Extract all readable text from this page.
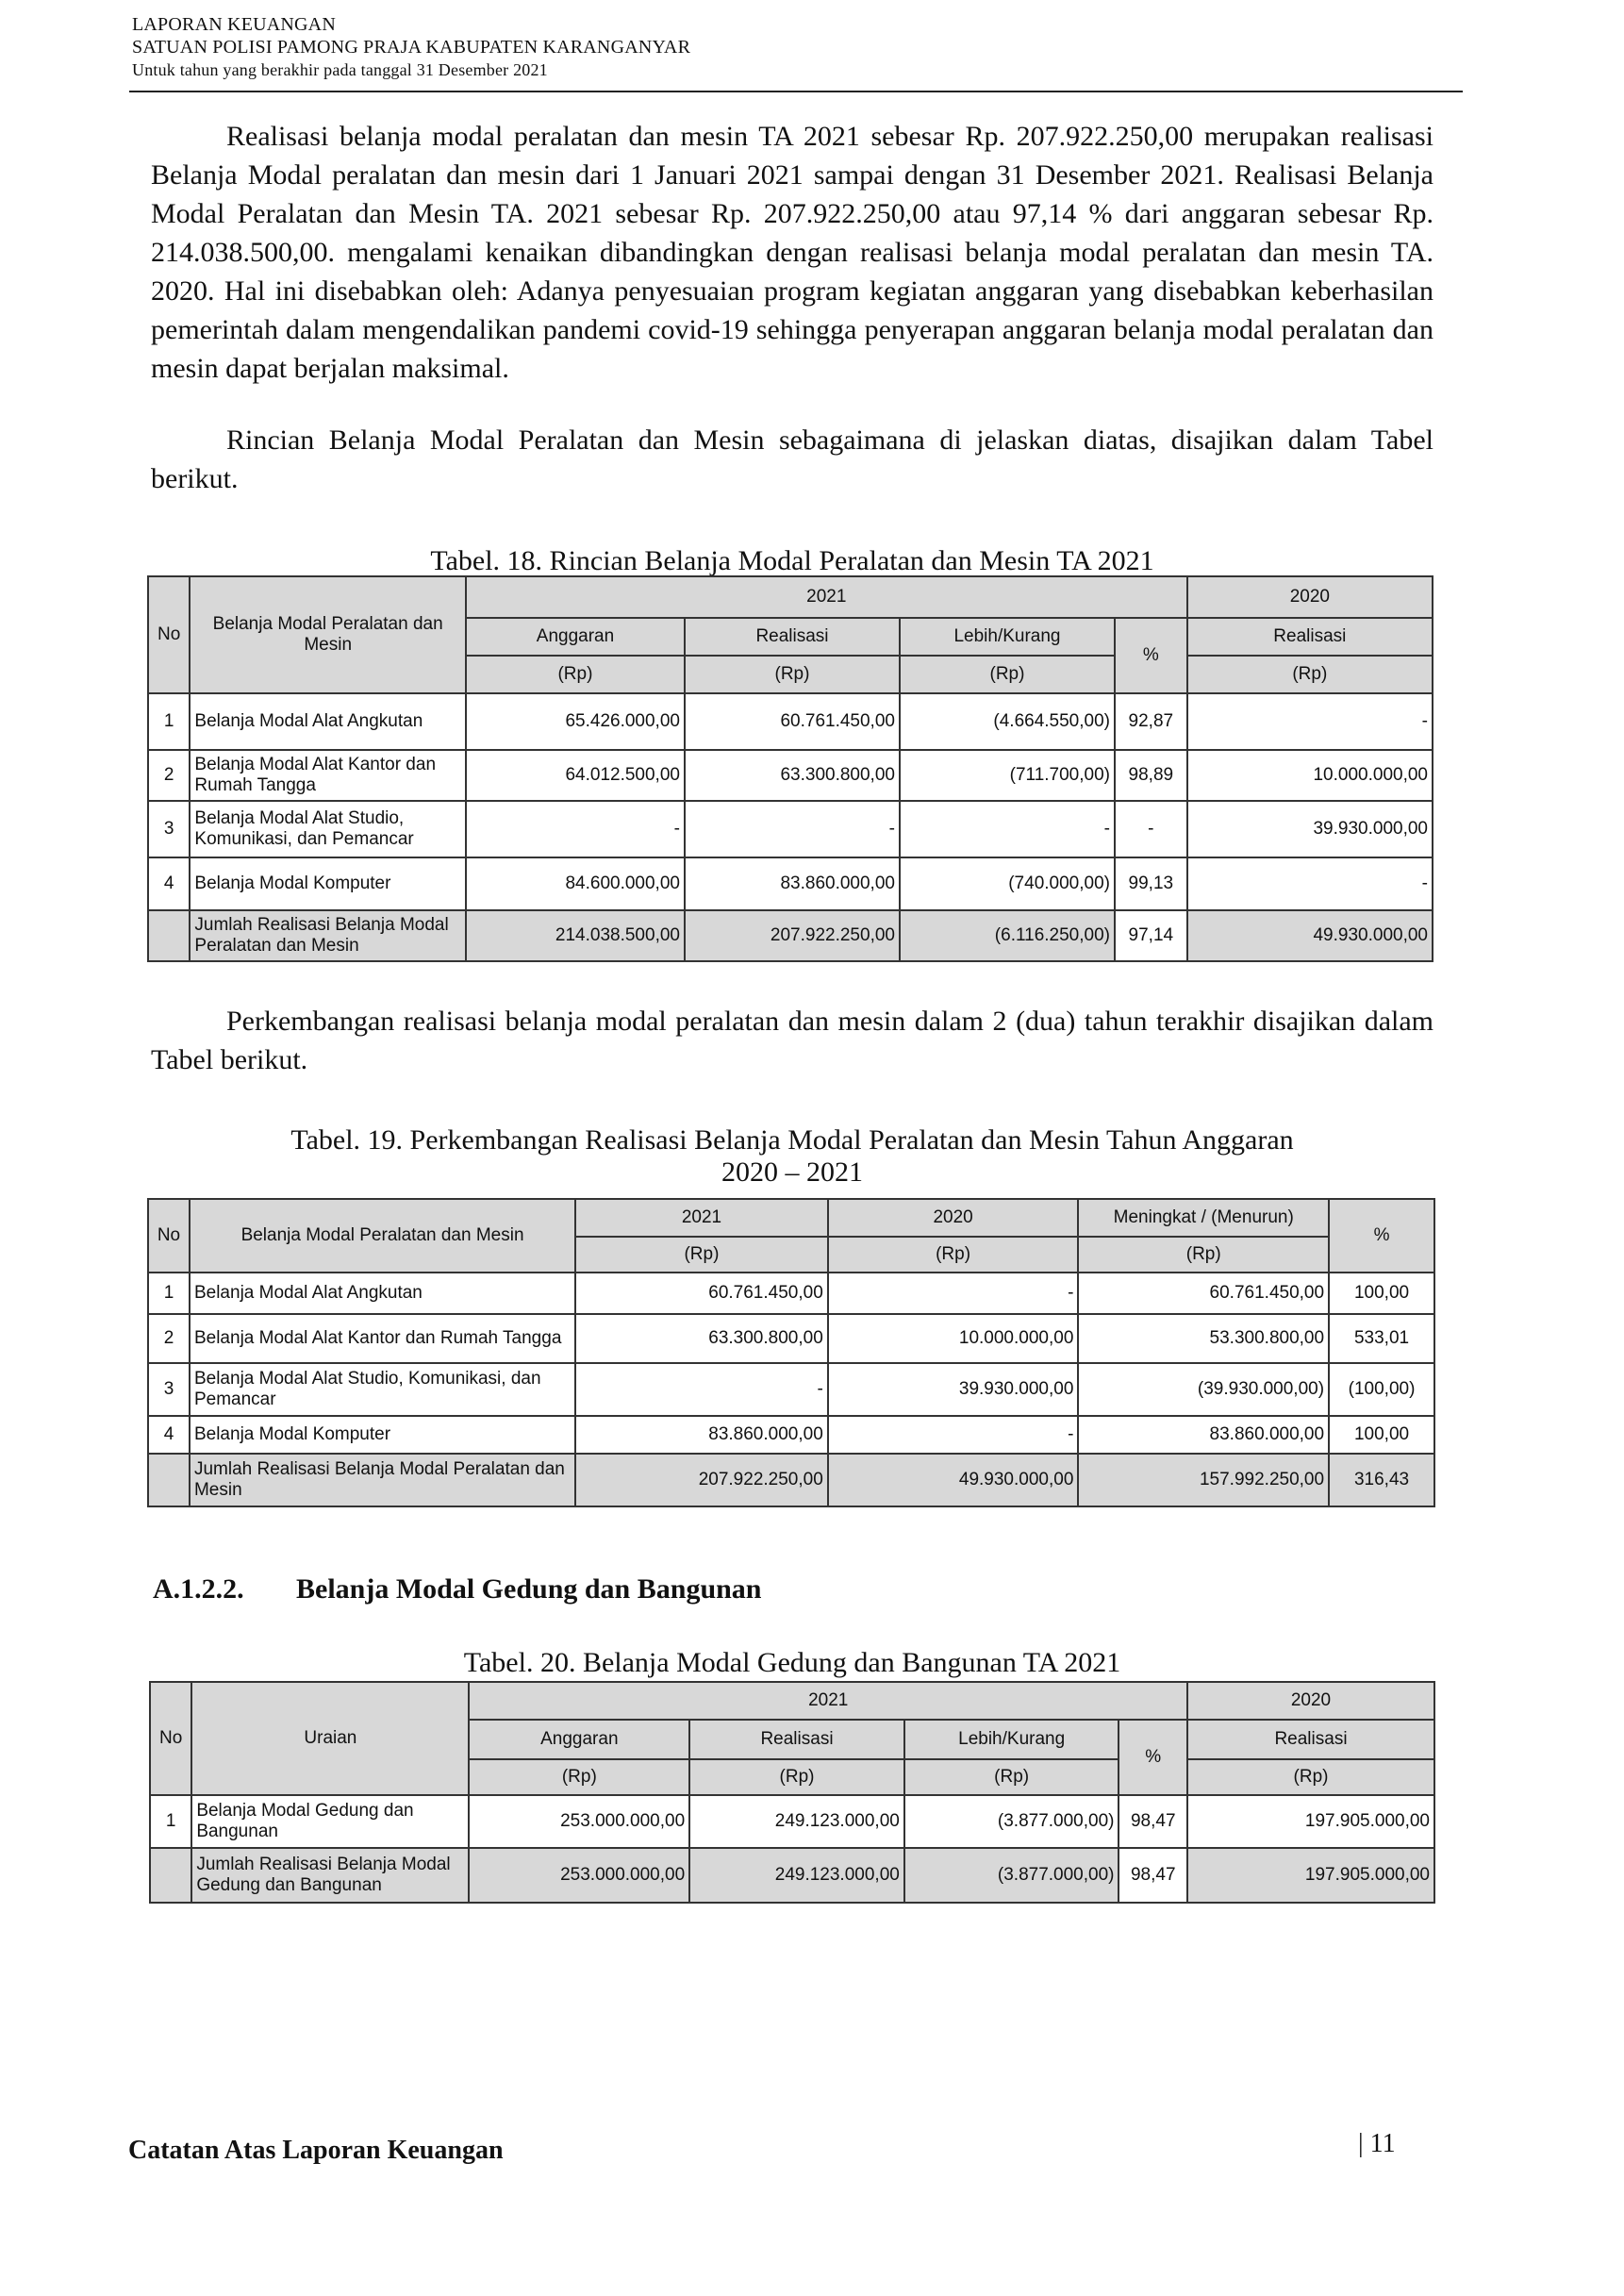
LAPORAN KEUANGAN
SATUAN POLISI PAMONG PRAJA KABUPATEN KARANGANYAR
Untuk tahun yang berakhir pada tanggal 31 Desember 2021
Realisasi belanja modal peralatan dan mesin TA 2021 sebesar Rp. 207.922.250,00 merupakan realisasi Belanja Modal peralatan dan mesin dari 1 Januari 2021 sampai dengan 31 Desember 2021. Realisasi Belanja Modal Peralatan dan Mesin TA. 2021 sebesar Rp. 207.922.250,00 atau 97,14 % dari anggaran sebesar Rp. 214.038.500,00. mengalami kenaikan dibandingkan dengan realisasi belanja modal peralatan dan mesin TA. 2020. Hal ini disebabkan oleh: Adanya penyesuaian program kegiatan anggaran yang disebabkan keberhasilan pemerintah dalam mengendalikan pandemi covid-19 sehingga penyerapan anggaran belanja modal peralatan dan mesin dapat berjalan maksimal.
Rincian Belanja Modal Peralatan dan Mesin sebagaimana di jelaskan diatas, disajikan dalam Tabel berikut.
Tabel. 18. Rincian Belanja Modal Peralatan dan Mesin TA 2021
No	Belanja Modal Peralatan dan Mesin	2021				2020
		Anggaran	Realisasi	Lebih/Kurang	%	Realisasi
		(Rp)	(Rp)	(Rp)		(Rp)
1	Belanja Modal Alat Angkutan	65.426.000,00	60.761.450,00	(4.664.550,00)	92,87	-
2	Belanja Modal Alat Kantor dan Rumah Tangga	64.012.500,00	63.300.800,00	(711.700,00)	98,89	10.000.000,00
3	Belanja Modal Alat Studio, Komunikasi, dan Pemancar	-	-	-	-	39.930.000,00
4	Belanja Modal Komputer	84.600.000,00	83.860.000,00	(740.000,00)	99,13	-
	Jumlah Realisasi Belanja Modal Peralatan dan Mesin	214.038.500,00	207.922.250,00	(6.116.250,00)	97,14	49.930.000,00
Perkembangan realisasi belanja modal peralatan dan mesin dalam 2 (dua) tahun terakhir disajikan dalam Tabel berikut.
Tabel. 19. Perkembangan Realisasi Belanja Modal Peralatan dan Mesin Tahun Anggaran
2020 – 2021
No	Belanja Modal Peralatan dan Mesin	2021	2020	Meningkat / (Menurun)	%
		(Rp)	(Rp)	(Rp)	
1	Belanja Modal Alat Angkutan	60.761.450,00	-	60.761.450,00	100,00
2	Belanja Modal Alat Kantor dan Rumah Tangga	63.300.800,00	10.000.000,00	53.300.800,00	533,01
3	Belanja Modal Alat Studio, Komunikasi, dan Pemancar	-	39.930.000,00	(39.930.000,00)	(100,00)
4	Belanja Modal Komputer	83.860.000,00	-	83.860.000,00	100,00
	Jumlah Realisasi Belanja Modal Peralatan dan Mesin	207.922.250,00	49.930.000,00	157.992.250,00	316,43
A.1.2.2. Belanja Modal Gedung dan Bangunan
Tabel. 20. Belanja Modal Gedung dan Bangunan TA 2021
No	Uraian	2021				2020
		Anggaran	Realisasi	Lebih/Kurang	%	Realisasi
		(Rp)	(Rp)	(Rp)		(Rp)
1	Belanja Modal Gedung dan Bangunan	253.000.000,00	249.123.000,00	(3.877.000,00)	98,47	197.905.000,00
	Jumlah Realisasi Belanja Modal Gedung dan Bangunan	253.000.000,00	249.123.000,00	(3.877.000,00)	98,47	197.905.000,00
Catatan Atas Laporan Keuangan	| 11
